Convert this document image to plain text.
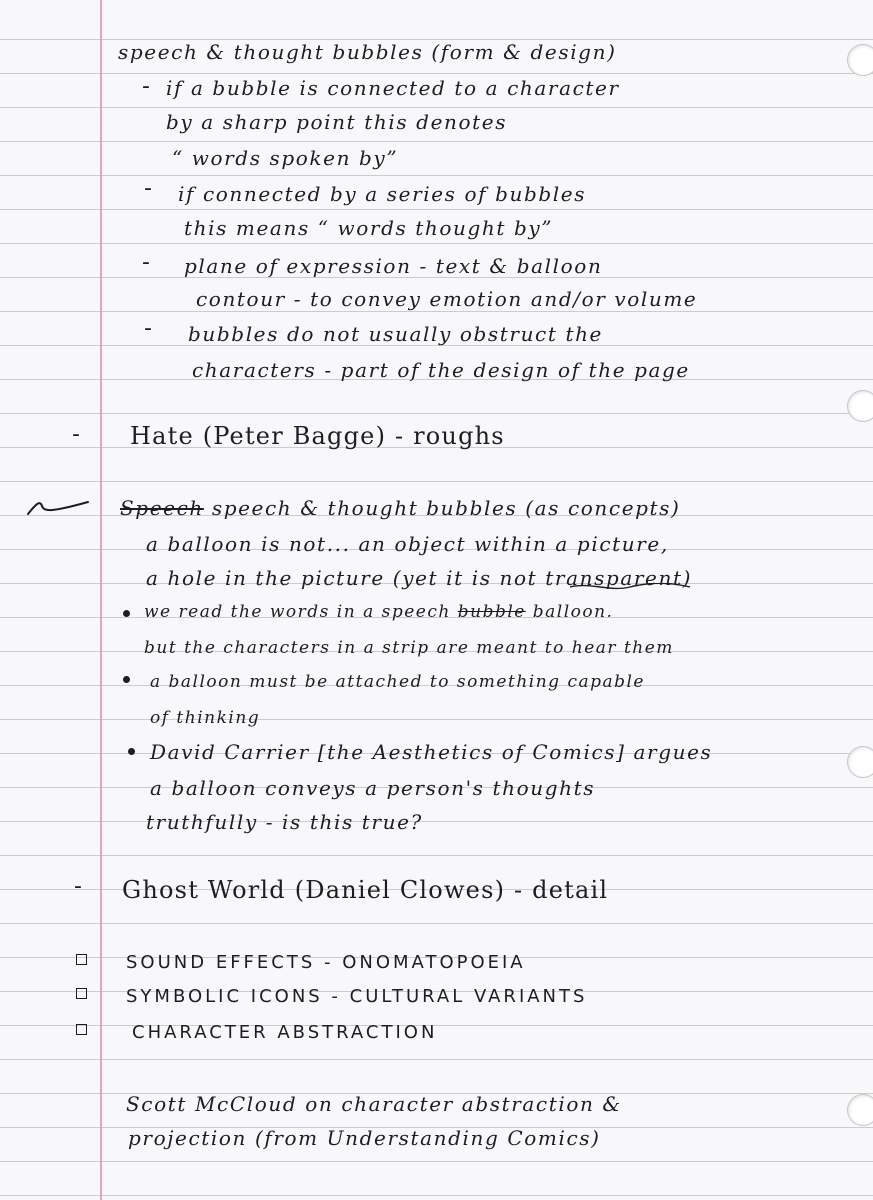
speech & thought bubbles (form & design)
- if a bubble is connected to a character
by a sharp point this denotes
“ words spoken by”
- if connected by a series of bubbles
this means “ words thought by”
- plane of expression - text & balloon
contour - to convey emotion and/or volume
- bubbles do not usually obstruct the
characters - part of the design of the page
- Hate (Peter Bagge) - roughs
Speech speech & thought bubbles (as concepts)
a balloon is not... an object within a picture,
a hole in the picture (yet it is not transparent)
we read the words in a speech bubble balloon.
but the characters in a strip are meant to hear them
a balloon must be attached to something capable
of thinking
David Carrier [the Aesthetics of Comics] argues
a balloon conveys a person's thoughts
truthfully - is this true?
- Ghost World (Daniel Clowes) - detail
SOUND EFFECTS - ONOMATOPOEIA
SYMBOLIC ICONS - CULTURAL VARIANTS
CHARACTER ABSTRACTION
Scott McCloud on character abstraction &
projection (from Understanding Comics)
